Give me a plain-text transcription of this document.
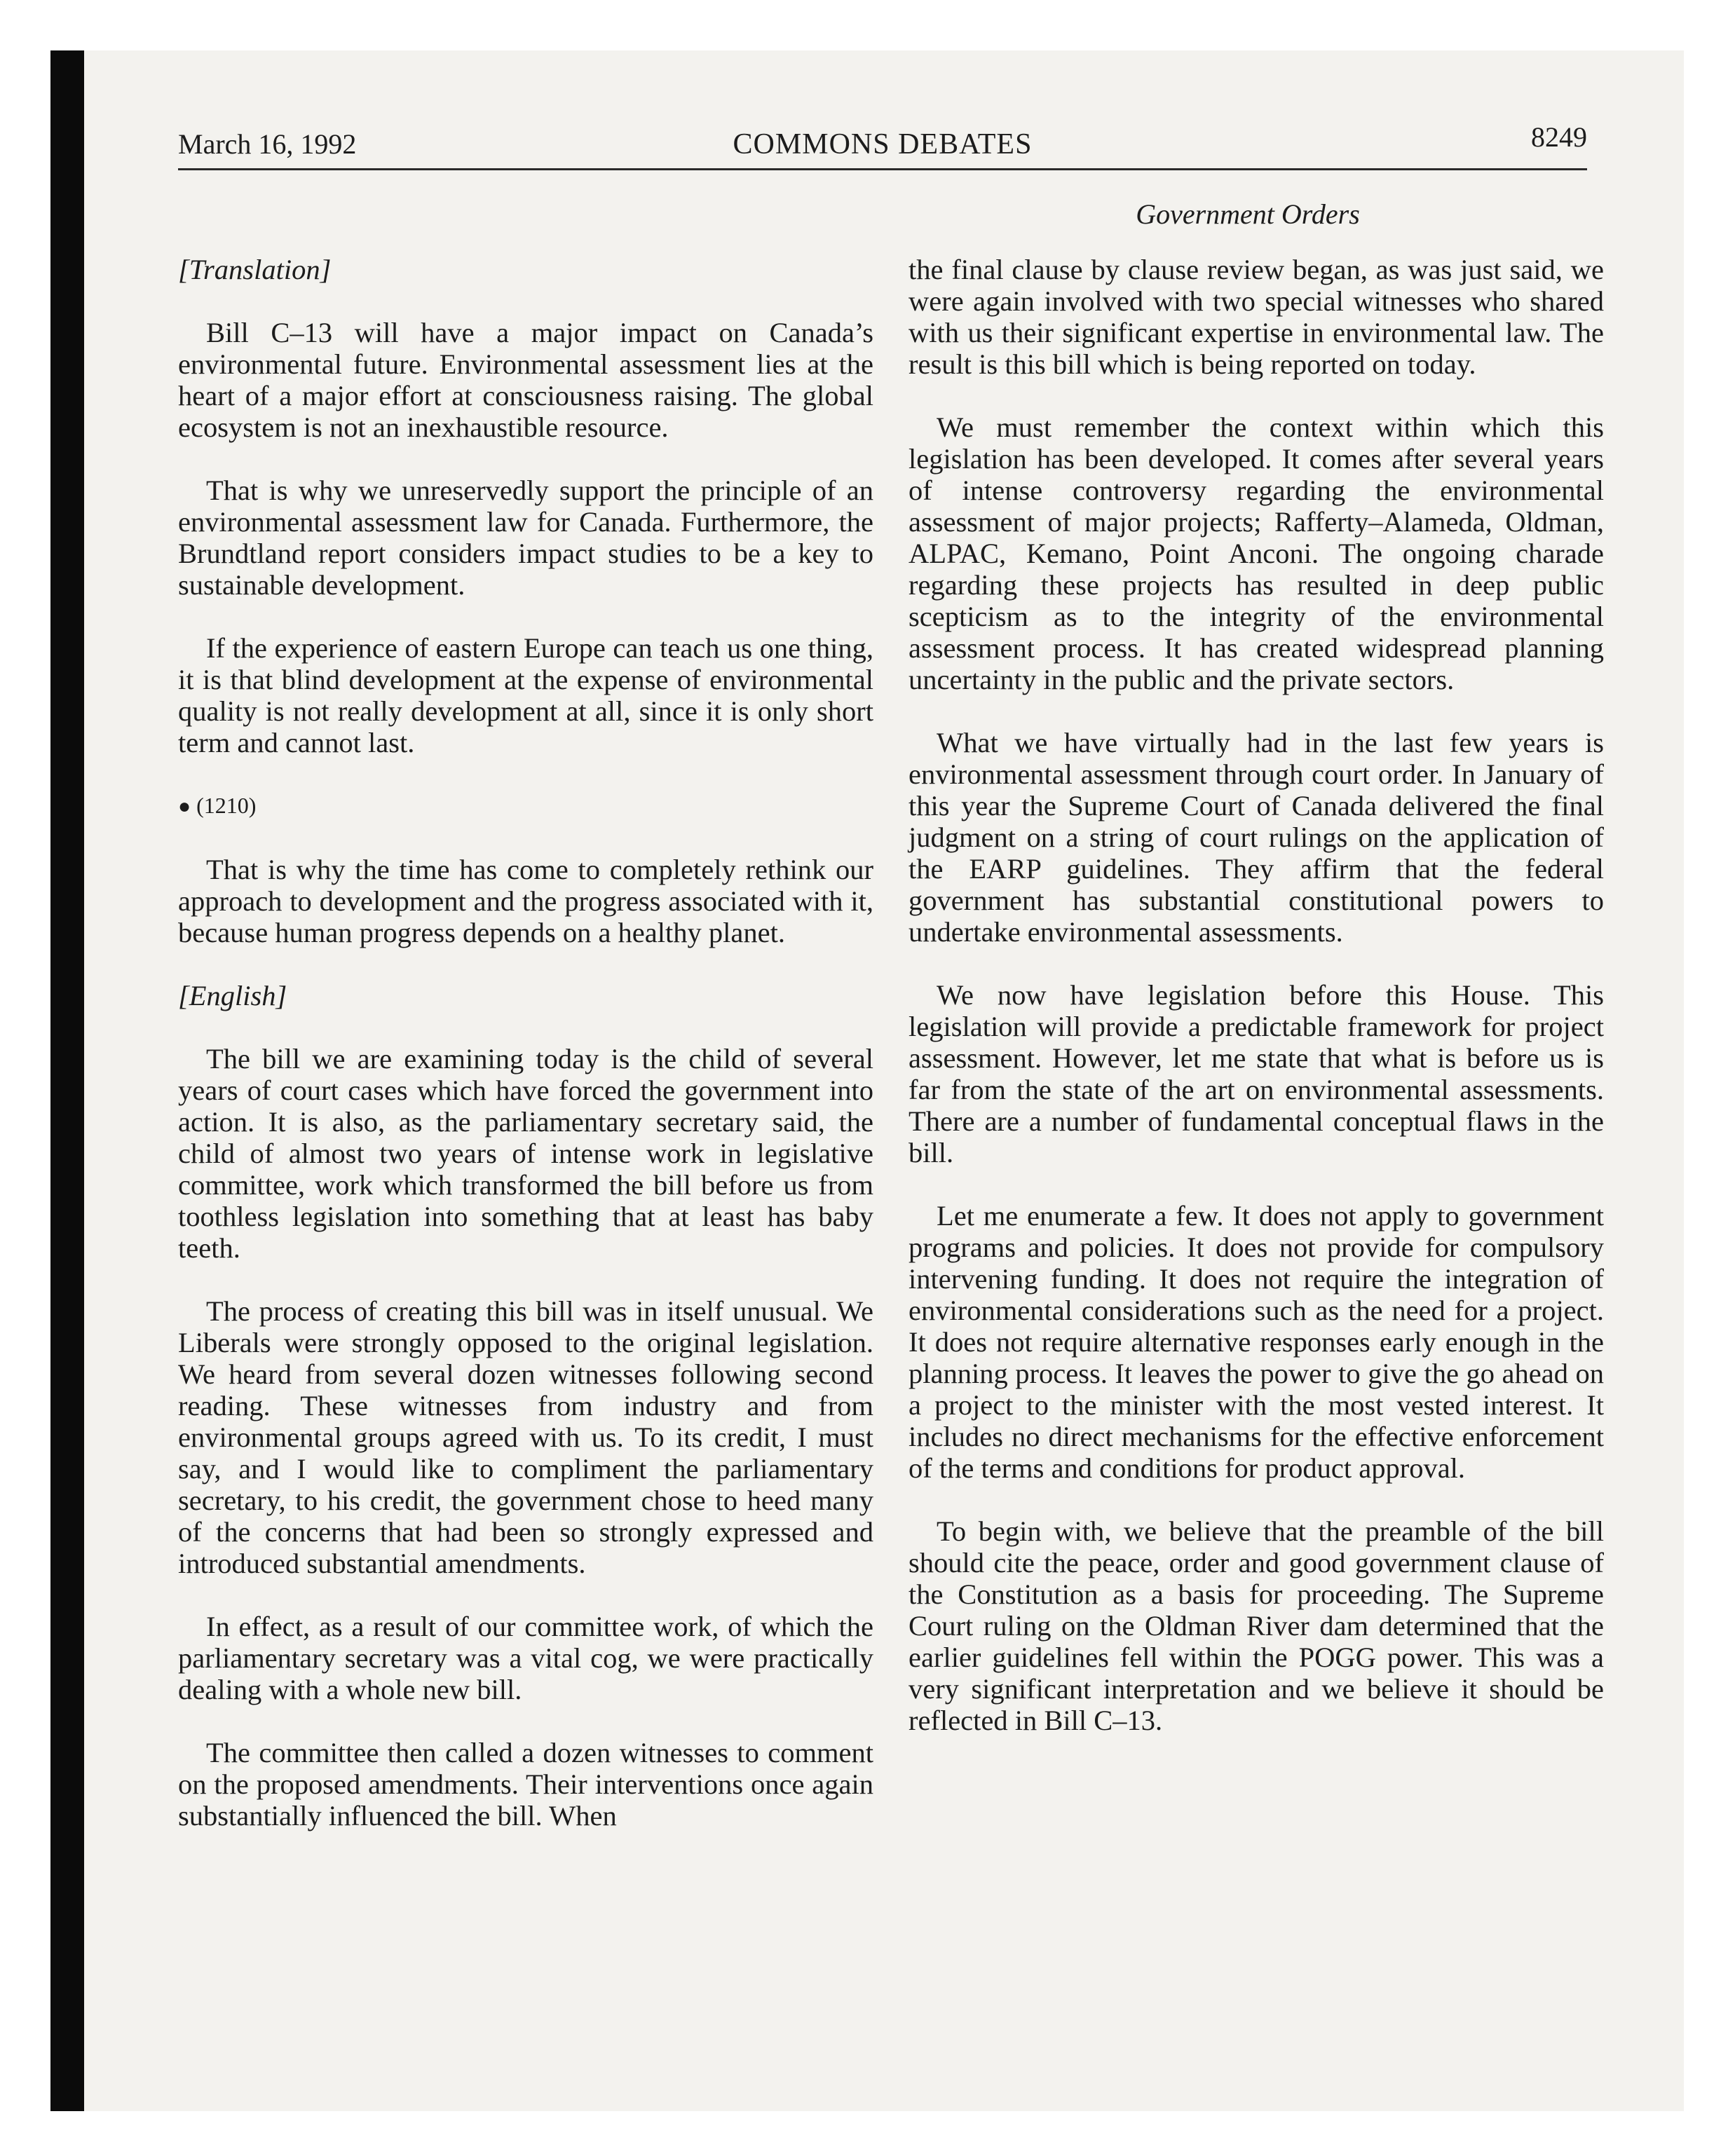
March 16, 1992	COMMONS DEBATES	8249
Government Orders

[Translation]

Bill C–13 will have a major impact on Canada’s environmental future. Environmental assessment lies at the heart of a major effort at consciousness raising. The global ecosystem is not an inexhaustible resource.

That is why we unreservedly support the principle of an environmental assessment law for Canada. Furthermore, the Brundtland report considers impact studies to be a key to sustainable development.

If the experience of eastern Europe can teach us one thing, it is that blind development at the expense of environmental quality is not really development at all, since it is only short term and cannot last.

● (1210)

That is why the time has come to completely rethink our approach to development and the progress associated with it, because human progress depends on a healthy planet.

[English]

The bill we are examining today is the child of several years of court cases which have forced the government into action. It is also, as the parliamentary secretary said, the child of almost two years of intense work in legislative committee, work which transformed the bill before us from toothless legislation into something that at least has baby teeth.

The process of creating this bill was in itself unusual. We Liberals were strongly opposed to the original legislation. We heard from several dozen witnesses following second reading. These witnesses from industry and from environmental groups agreed with us. To its credit, I must say, and I would like to compliment the parliamentary secretary, to his credit, the government chose to heed many of the concerns that had been so strongly expressed and introduced substantial amendments.

In effect, as a result of our committee work, of which the parliamentary secretary was a vital cog, we were practically dealing with a whole new bill.

The committee then called a dozen witnesses to comment on the proposed amendments. Their interventions once again substantially influenced the bill. When

the final clause by clause review began, as was just said, we were again involved with two special witnesses who shared with us their significant expertise in environmental law. The result is this bill which is being reported on today.

We must remember the context within which this legislation has been developed. It comes after several years of intense controversy regarding the environmental assessment of major projects; Rafferty–Alameda, Oldman, ALPAC, Kemano, Point Anconi. The ongoing charade regarding these projects has resulted in deep public scepticism as to the integrity of the environmental assessment process. It has created widespread planning uncertainty in the public and the private sectors.

What we have virtually had in the last few years is environmental assessment through court order. In January of this year the Supreme Court of Canada delivered the final judgment on a string of court rulings on the application of the EARP guidelines. They affirm that the federal government has substantial constitutional powers to undertake environmental assessments.

We now have legislation before this House. This legislation will provide a predictable framework for project assessment. However, let me state that what is before us is far from the state of the art on environmental assessments. There are a number of fundamental conceptual flaws in the bill.

Let me enumerate a few. It does not apply to government programs and policies. It does not provide for compulsory intervening funding. It does not require the integration of environmental considerations such as the need for a project. It does not require alternative responses early enough in the planning process. It leaves the power to give the go ahead on a project to the minister with the most vested interest. It includes no direct mechanisms for the effective enforcement of the terms and conditions for product approval.

To begin with, we believe that the preamble of the bill should cite the peace, order and good government clause of the Constitution as a basis for proceeding. The Supreme Court ruling on the Oldman River dam determined that the earlier guidelines fell within the POGG power. This was a very significant interpretation and we believe it should be reflected in Bill C–13.
